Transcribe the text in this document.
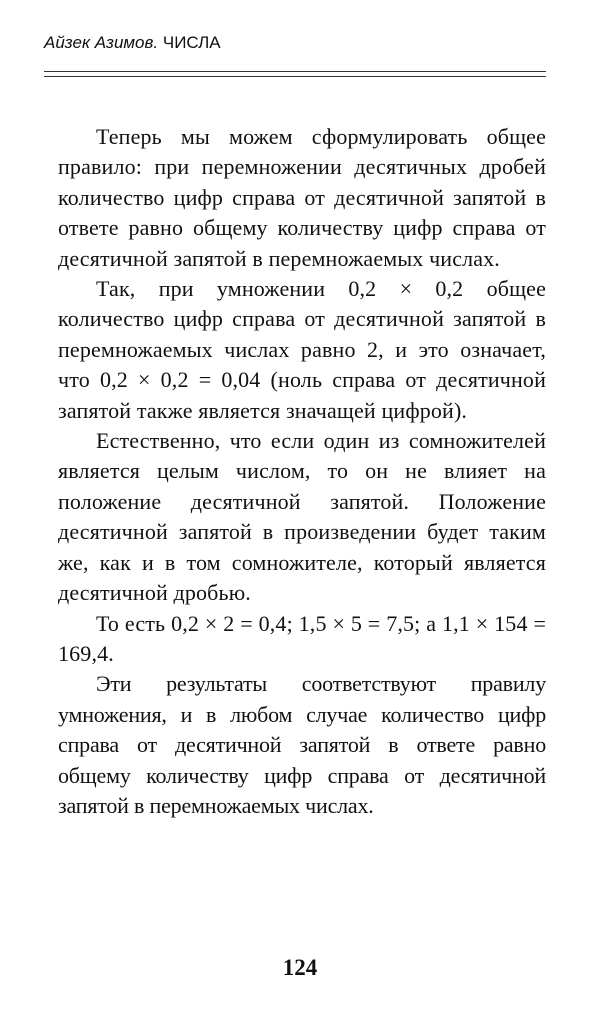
Айзек Азимов. ЧИСЛА

Теперь мы можем сформулировать общее правило: при перемножении десятичных дробей количество цифр справа от десятичной запятой в ответе равно общему количеству цифр справа от десятичной запятой в перемножаемых числах.

Так, при умножении 0,2 × 0,2 общее количество цифр справа от десятичной запятой в перемножаемых числах равно 2, и это означает, что 0,2 × 0,2 = 0,04 (ноль справа от десятичной запятой также является значащей цифрой).

Естественно, что если один из сомножителей является целым числом, то он не влияет на положение десятичной запятой. Положение десятичной запятой в произведении будет таким же, как и в том сомножителе, который является десятичной дробью.

То есть 0,2 × 2 = 0,4; 1,5 × 5 = 7,5; а 1,1 × 154 = 169,4.

Эти результаты соответствуют правилу умножения, и в любом случае количество цифр справа от десятичной запятой в ответе равно общему количеству цифр справа от десятичной запятой в перемножаемых числах.

124
